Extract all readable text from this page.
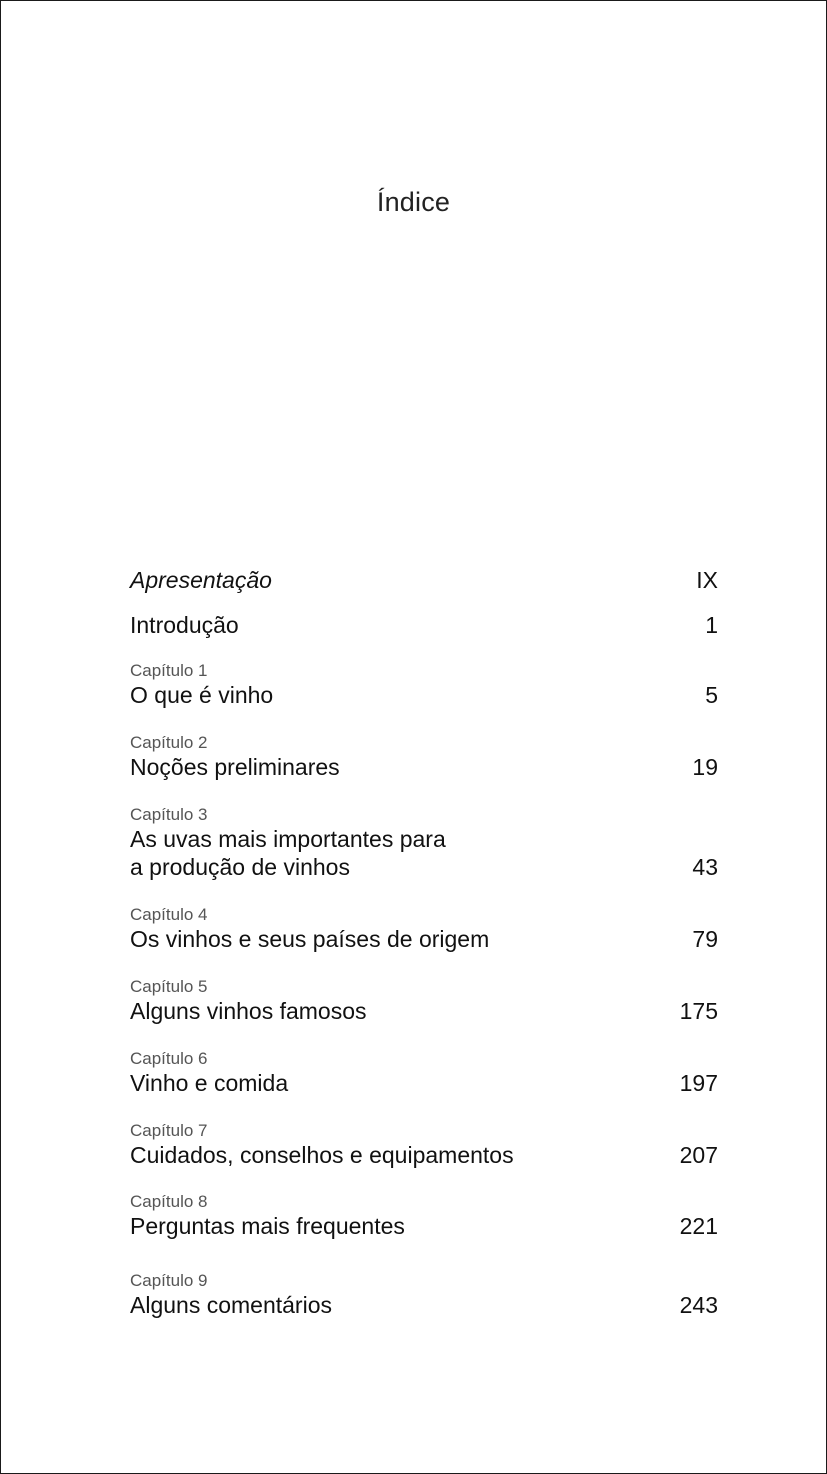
Índice
Apresentação	IX
Introdução	1
Capítulo 1
O que é vinho	5
Capítulo 2
Noções preliminares	19
Capítulo 3
As uvas mais importantes para
a produção de vinhos	43
Capítulo 4
Os vinhos e seus países de origem	79
Capítulo 5
Alguns vinhos famosos	175
Capítulo 6
Vinho e comida	197
Capítulo 7
Cuidados, conselhos e equipamentos	207
Capítulo 8
Perguntas mais frequentes	221
Capítulo 9
Alguns comentários	243
